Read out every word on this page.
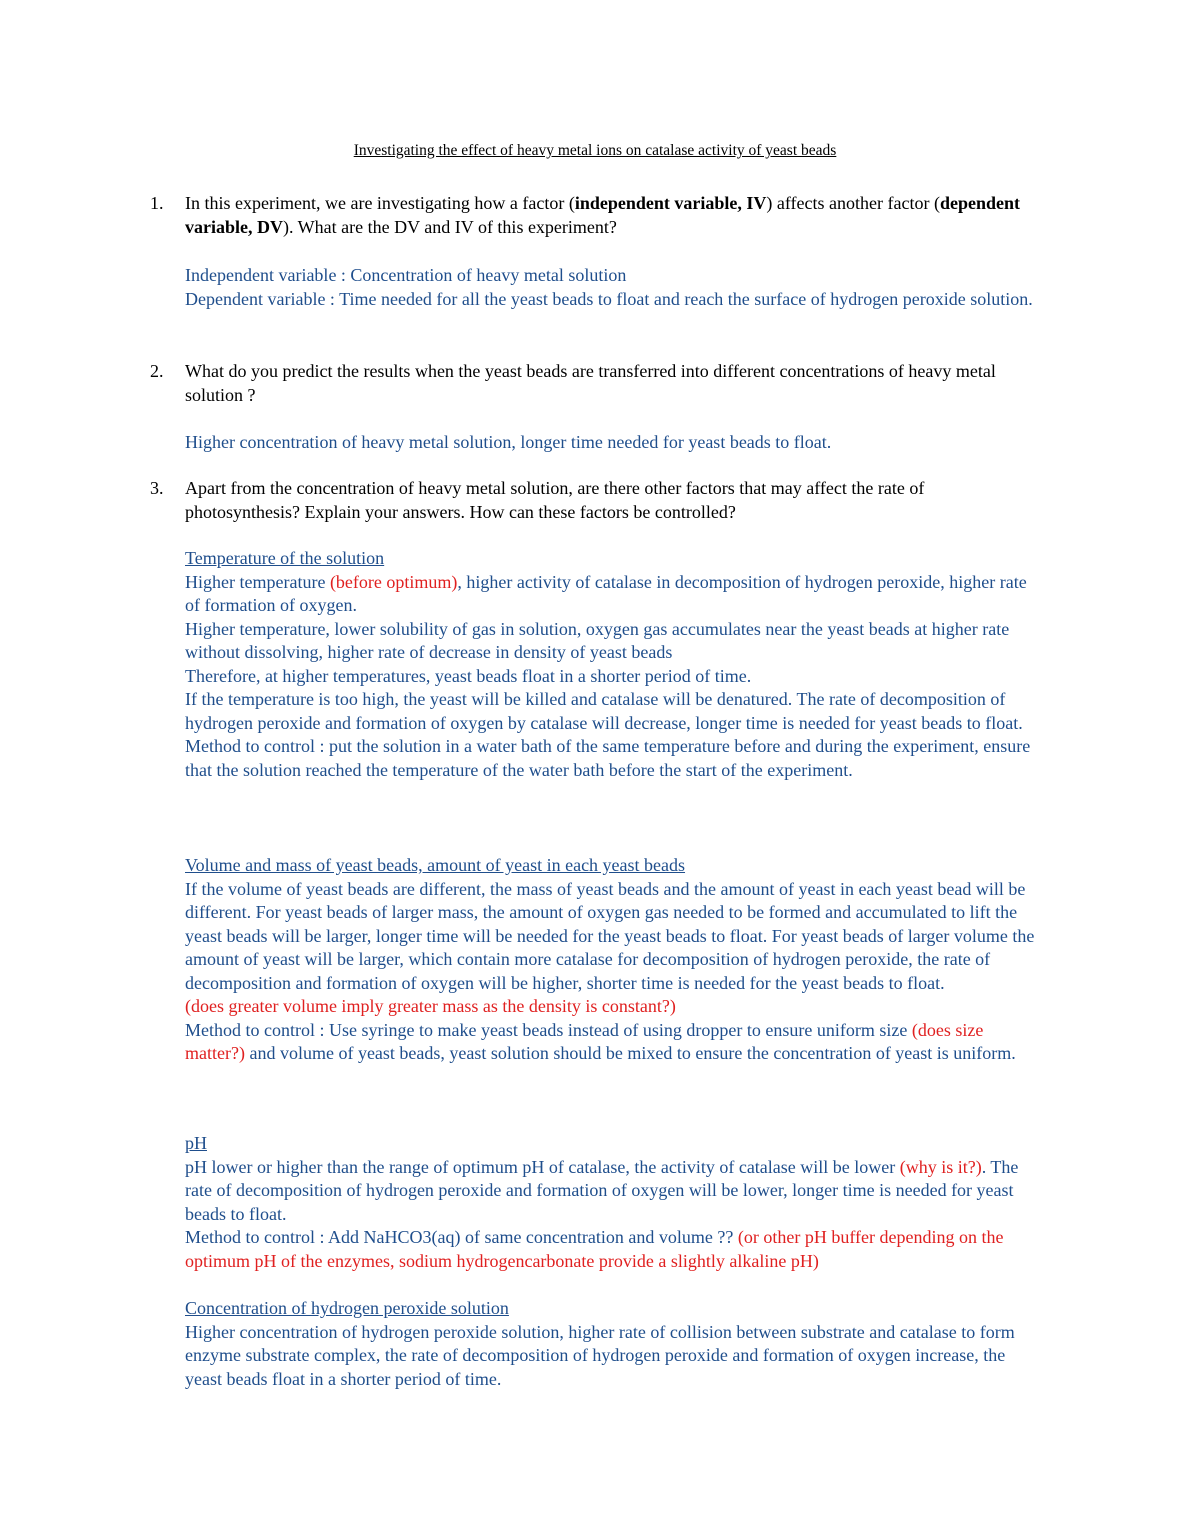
Investigating the effect of heavy metal ions on catalase activity of yeast beads
1. In this experiment, we are investigating how a factor (independent variable, IV) affects another factor (dependent variable, DV). What are the DV and IV of this experiment?

Independent variable : Concentration of heavy metal solution

Dependent variable : Time needed for all the yeast beads to float and reach the surface of hydrogen peroxide solution.

2. What do you predict the results when the yeast beads are transferred into different concentrations of heavy metal solution ?

Higher concentration of heavy metal solution, longer time needed for yeast beads to float.

3. Apart from the concentration of heavy metal solution, are there other factors that may affect the rate of photosynthesis? Explain your answers. How can these factors be controlled?

Temperature of the solution

Higher temperature (before optimum), higher activity of catalase in decomposition of hydrogen peroxide, higher rate of formation of oxygen.

Higher temperature, lower solubility of gas in solution, oxygen gas accumulates near the yeast beads at higher rate without dissolving, higher rate of decrease in density of yeast beads

Therefore, at higher temperatures, yeast beads float in a shorter period of time.

If the temperature is too high, the yeast will be killed and catalase will be denatured. The rate of decomposition of hydrogen peroxide and formation of oxygen by catalase will decrease, longer time is needed for yeast beads to float.

Method to control : put the solution in a water bath of the same temperature before and during the experiment, ensure that the solution reached the temperature of the water bath before the start of the experiment.

Volume and mass of yeast beads, amount of yeast in each yeast beads

If the volume of yeast beads are different, the mass of yeast beads and the amount of yeast in each yeast bead will be different. For yeast beads of larger mass, the amount of oxygen gas needed to be formed and accumulated to lift the yeast beads will be larger, longer time will be needed for the yeast beads to float. For yeast beads of larger volume the amount of yeast will be larger, which contain more catalase for decomposition of hydrogen peroxide, the rate of decomposition and formation of oxygen will be higher, shorter time is needed for the yeast beads to float.

(does greater volume imply greater mass as the density is constant?)

Method to control : Use syringe to make yeast beads instead of using dropper to ensure uniform size (does size matter?) and volume of yeast beads, yeast solution should be mixed to ensure the concentration of yeast is uniform.

pH

pH lower or higher than the range of optimum pH of catalase, the activity of catalase will be lower (why is it?). The rate of decomposition of hydrogen peroxide and formation of oxygen will be lower, longer time is needed for yeast beads to float.

Method to control : Add NaHCO3(aq) of same concentration and volume ?? (or other pH buffer depending on the optimum pH of the enzymes, sodium hydrogencarbonate provide a slightly alkaline pH)

Concentration of hydrogen peroxide solution

Higher concentration of hydrogen peroxide solution, higher rate of collision between substrate and catalase to form enzyme substrate complex, the rate of decomposition of hydrogen peroxide and formation of oxygen increase, the yeast beads float in a shorter period of time.
